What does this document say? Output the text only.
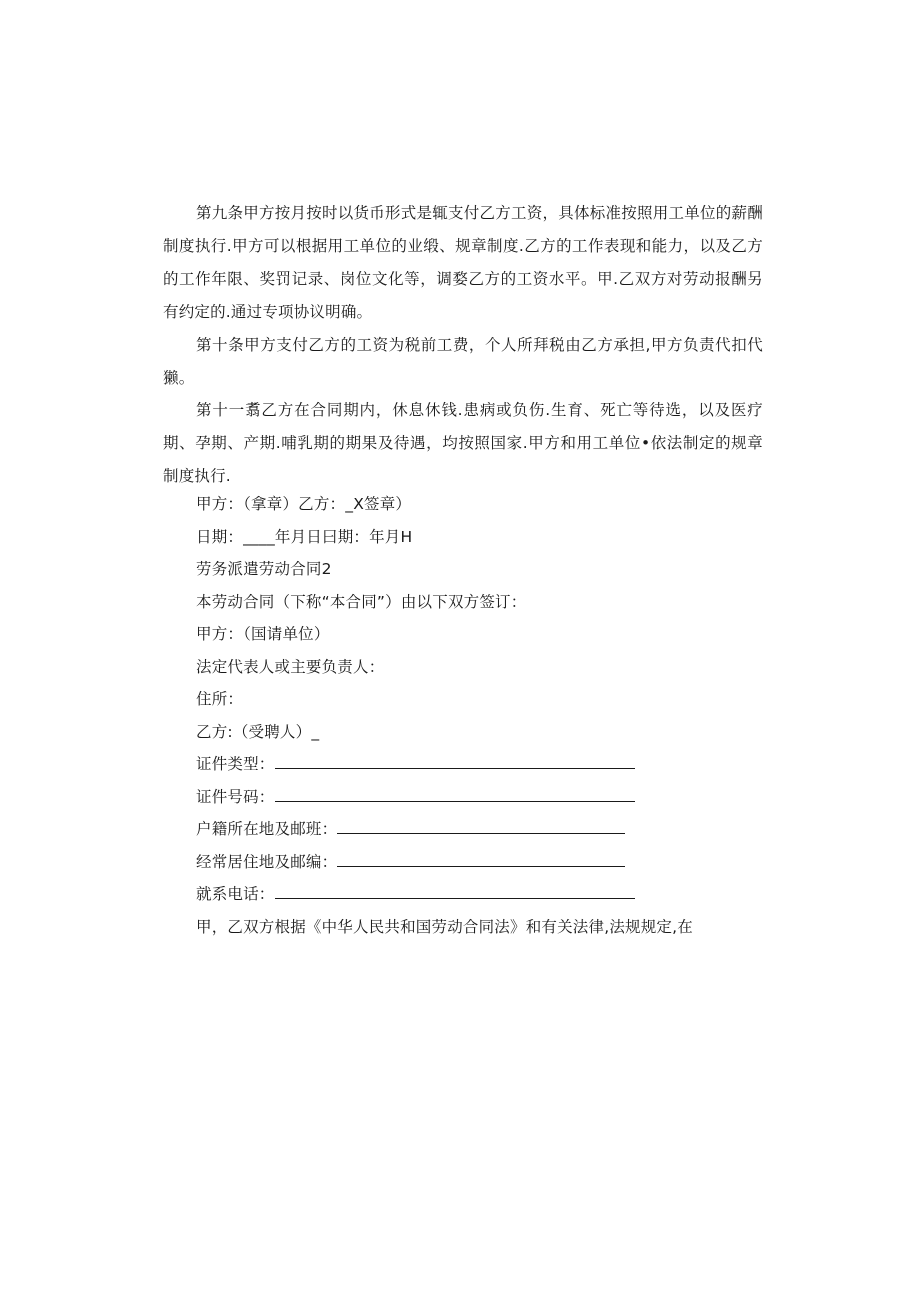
第九条甲方按月按时以货币形式是辄支付乙方工资，具体标准按照用工单位的薪酬制度执行.甲方可以根据用工单位的业缎、规章制度.乙方的工作表现和能力，以及乙方的工作年限、奖罚记录、岗位文化等，调婺乙方的工资水平。甲.乙双方对劳动报酬另有约定的.通过专项协议明确。

第十条甲方支付乙方的工资为税前工费，个人所拜税由乙方承担,甲方负责代扣代獭。

第十一翥乙方在合同期内，休息休钱.患病或负伤.生育、死亡等待选，以及医疗期、孕期、产期.哺乳期的期果及待遇，均按照国家.甲方和用工单位•依法制定的规章制度执行.

甲方：（拿章）乙方：_X签章）

日期：____年月日曰期：年月H

劳务派遣劳动合同2

本劳动合同（下称“本合同”）由以下双方签订：

甲方：（国请单位）

法定代表人或主要负责人：

住所：

乙方:（受聘人）_

证件类型：

证件号码：

户籍所在地及邮班：

经常居住地及邮编：

就系电话：

甲，乙双方根据《中华人民共和国劳动合同法》和有关法律,法规规定,在
